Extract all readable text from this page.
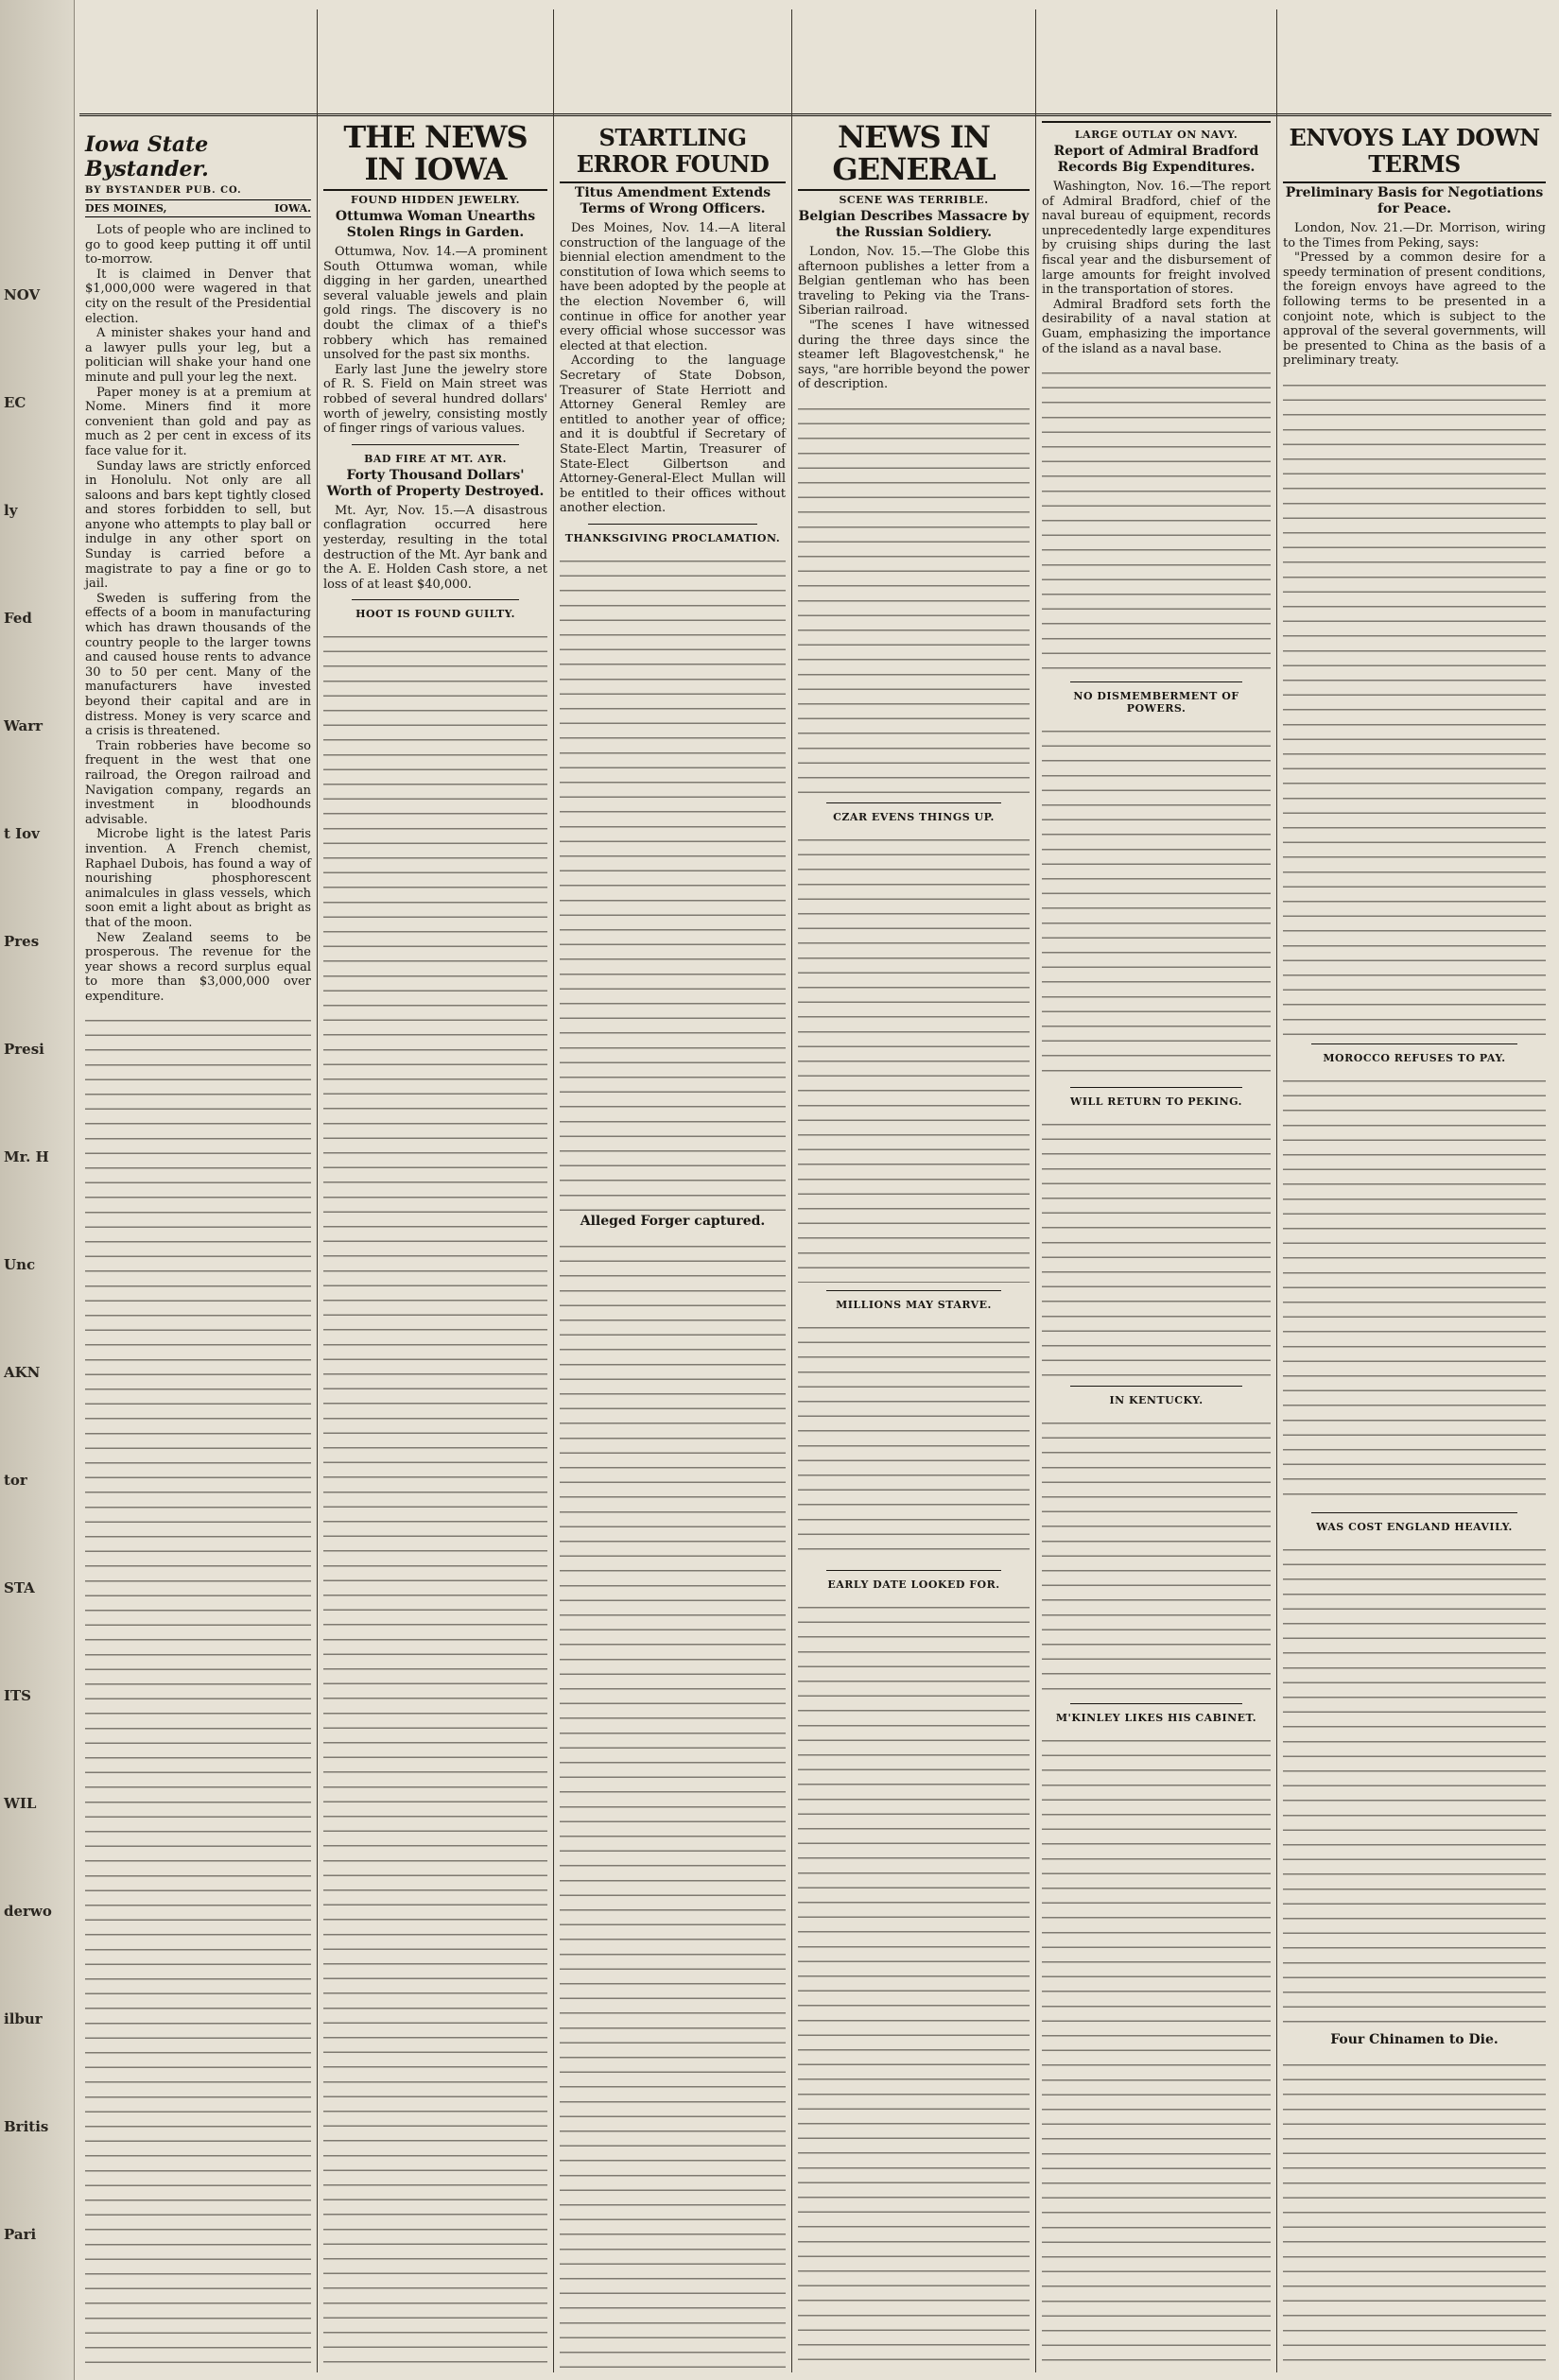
NOV
EC
ly
Fed
Warr
t Iov
Pres
Presi
Mr. H
Unc
AKN
tor
STA
ITS
WIL
derwo
ilbur
Britis
Pari
Iowa State Bystander.
BY BYSTANDER PUB. CO.
DES MOINES,	IOWA.

Lots of people who are inclined to go to good keep putting it off until to-morrow.

It is claimed in Denver that $1,000,000 were wagered in that city on the result of the Presidential election.

A minister shakes your hand and a lawyer pulls your leg, but a politician will shake your hand one minute and pull your leg the next.

Paper money is at a premium at Nome. Miners find it more convenient than gold and pay as much as 2 per cent in excess of its face value for it.

Sunday laws are strictly enforced in Honolulu. Not only are all saloons and bars kept tightly closed and stores forbidden to sell, but anyone who attempts to play ball or indulge in any other sport on Sunday is carried before a magistrate to pay a fine or go to jail.

Sweden is suffering from the effects of a boom in manufacturing which has drawn thousands of the country people to the larger towns and caused house rents to advance 30 to 50 per cent. Many of the manufacturers have invested beyond their capital and are in distress. Money is very scarce and a crisis is threatened.

Train robberies have become so frequent in the west that one railroad, the Oregon railroad and Navigation company, regards an investment in bloodhounds advisable.

Microbe light is the latest Paris invention. A French chemist, Raphael Dubois, has found a way of nourishing phosphorescent animalcules in glass vessels, which soon emit a light about as bright as that of the moon.

New Zealand seems to be prosperous. The revenue for the year shows a record surplus equal to more than $3,000,000 over expenditure.

THE NEWS IN IOWA
FOUND HIDDEN JEWELRY.
Ottumwa Woman Unearths Stolen Rings in Garden.

Ottumwa, Nov. 14.—A prominent South Ottumwa woman, while digging in her garden, unearthed several valuable jewels and plain gold rings. The discovery is no doubt the climax of a thief's robbery which has remained unsolved for the past six months.

Early last June the jewelry store of R. S. Field on Main street was robbed of several hundred dollars' worth of jewelry, consisting mostly of finger rings of various values.

BAD FIRE AT MT. AYR.
Forty Thousand Dollars' Worth of Property Destroyed.

Mt. Ayr, Nov. 15.—A disastrous conflagration occurred here yesterday, resulting in the total destruction of the Mt. Ayr bank and the A. E. Holden Cash store, a net loss of at least $40,000.

HOOT IS FOUND GUILTY.
STARTLING ERROR FOUND
Titus Amendment Extends Terms of Wrong Officers.

Des Moines, Nov. 14.—A literal construction of the language of the biennial election amendment to the constitution of Iowa which seems to have been adopted by the people at the election November 6, will continue in office for another year every official whose successor was elected at that election.

According to the language Secretary of State Dobson, Treasurer of State Herriott and Attorney General Remley are entitled to another year of office; and it is doubtful if Secretary of State-Elect Martin, Treasurer of State-Elect Gilbertson and Attorney-General-Elect Mullan will be entitled to their offices without another election.

THANKSGIVING PROCLAMATION.
Alleged Forger captured.
NEWS IN GENERAL
SCENE WAS TERRIBLE.
Belgian Describes Massacre by the Russian Soldiery.

London, Nov. 15.—The Globe this afternoon publishes a letter from a Belgian gentleman who has been traveling to Peking via the Trans-Siberian railroad.

"The scenes I have witnessed during the three days since the steamer left Blagovestchensk," he says, "are horrible beyond the power of description.

CZAR EVENS THINGS UP.
MILLIONS MAY STARVE.
EARLY DATE LOOKED FOR.
LARGE OUTLAY ON NAVY.
Report of Admiral Bradford Records Big Expenditures.

Washington, Nov. 16.—The report of Admiral Bradford, chief of the naval bureau of equipment, records unprecedentedly large expenditures by cruising ships during the last fiscal year and the disbursement of large amounts for freight involved in the transportation of stores.

Admiral Bradford sets forth the desirability of a naval station at Guam, emphasizing the importance of the island as a naval base.

NO DISMEMBERMENT OF POWERS.
WILL RETURN TO PEKING.
IN KENTUCKY.
M'KINLEY LIKES HIS CABINET.
ENVOYS LAY DOWN TERMS
Preliminary Basis for Negotiations for Peace.

London, Nov. 21.—Dr. Morrison, wiring to the Times from Peking, says:

"Pressed by a common desire for a speedy termination of present conditions, the foreign envoys have agreed to the following terms to be presented in a conjoint note, which is subject to the approval of the several governments, will be presented to China as the basis of a preliminary treaty.

MOROCCO REFUSES TO PAY.
WAS COST ENGLAND HEAVILY.
Four Chinamen to Die.
